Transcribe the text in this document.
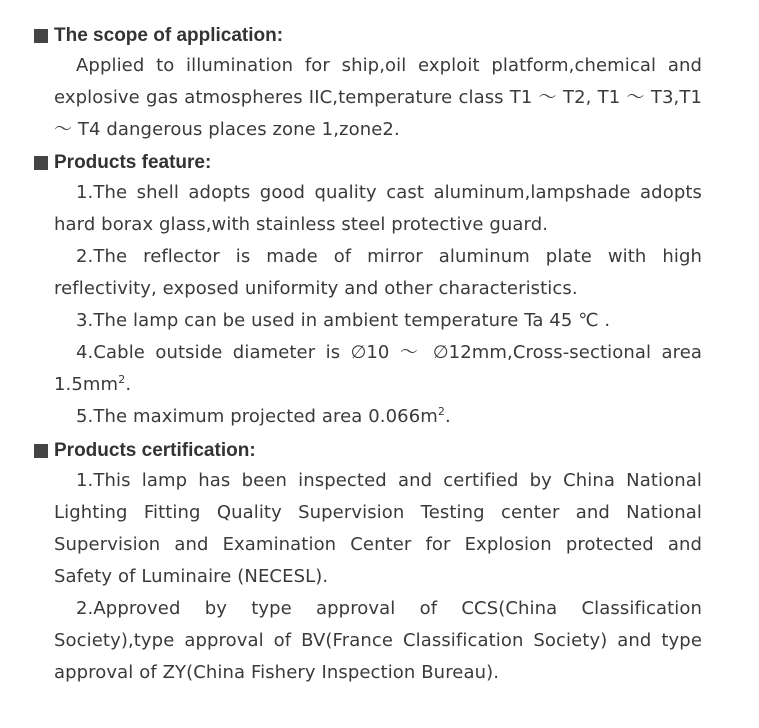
The scope of application:
Applied to illumination for ship,oil exploit platform,chemical and explosive gas atmospheres IIC,temperature class T1 ～ T2, T1 ～ T3,T1 ～ T4 dangerous places zone 1,zone2.
Products feature:
1.The shell adopts good quality cast aluminum,lampshade adopts hard borax glass,with stainless steel protective guard.
2.The reflector is made of mirror aluminum plate with high reflectivity, exposed uniformity and other characteristics.
3.The lamp can be used in ambient temperature Ta 45 ℃ .
4.Cable outside diameter is ∅10 ～ ∅12mm,Cross-sectional area $1.5mm^2$.
5.The maximum projected area $0.066m^2$.
Products certification:
1.This lamp has been inspected and certified by China National Lighting Fitting Quality Supervision Testing center and National Supervision and Examination Center for Explosion protected and Safety of Luminaire (NECESL).
2.Approved by type approval of CCS(China Classification Society),type approval of BV(France Classification Society) and type approval of ZY(China Fishery Inspection Bureau).
